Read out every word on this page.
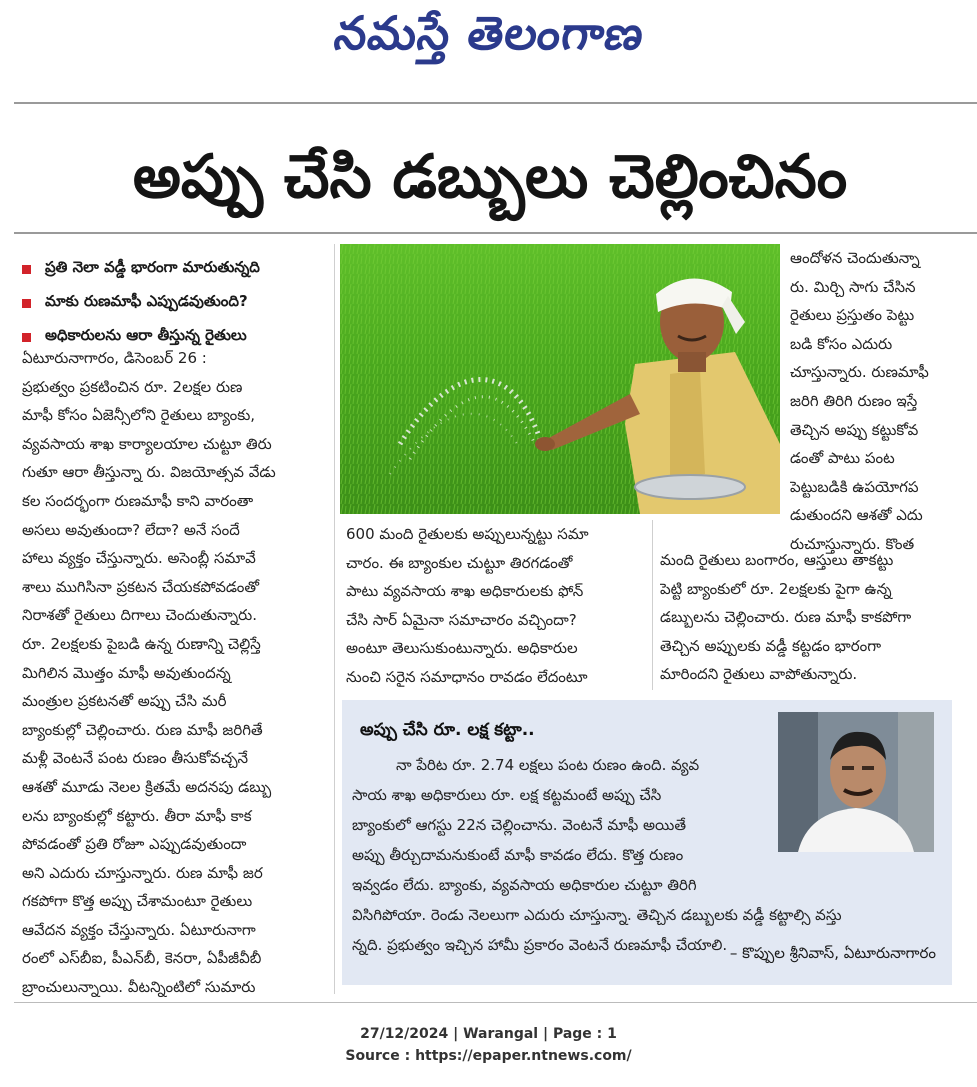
నమస్తే తెలంగాణ
అప్పు చేసి డబ్బులు చెల్లించినం
ప్రతి నెలా వడ్డీ భారంగా మారుతున్నది
మాకు రుణమాఫీ ఎప్పుడవుతుంది?
అధికారులను ఆరా తీస్తున్న రైతులు
ఏటూరునాగారం, డిసెంబర్ 26 :
ప్రభుత్వం ప్రకటించిన రూ. 2లక్షల రుణ
మాఫీ కోసం ఏజెన్సీలోని రైతులు బ్యాంకు,
వ్యవసాయ శాఖ కార్యాలయాల చుట్టూ తిరు
గుతూ ఆరా తీస్తున్నా రు. విజయోత్సవ వేడు
కల సందర్భంగా రుణమాఫీ కాని వారంతా
అసలు అవుతుందా? లేదా? అనే సందే
హాలు వ్యక్తం చేస్తున్నారు. అసెంబ్లీ సమావే
శాలు ముగిసినా ప్రకటన చేయకపోవడంతో
నిరాశతో రైతులు దిగాలు చెందుతున్నారు.
రూ. 2లక్షలకు పైబడి ఉన్న రుణాన్ని చెల్లిస్తే
మిగిలిన మొత్తం మాఫీ అవుతుందన్న
మంత్రుల ప్రకటనతో అప్పు చేసి మరీ
బ్యాంకుల్లో చెల్లించారు. రుణ మాఫీ జరిగితే
మళ్లీ వెంటనే పంట రుణం తీసుకోవచ్చనే
ఆశతో మూడు నెలల క్రితమే అదనపు డబ్బు
లను బ్యాంకుల్లో కట్టారు. తీరా మాఫీ కాక
పోవడంతో ప్రతి రోజూ ఎప్పుడవుతుందా
అని ఎదురు చూస్తున్నారు. రుణ మాఫీ జర
గకపోగా కొత్త అప్పు చేశామంటూ రైతులు
ఆవేదన వ్యక్తం చేస్తున్నారు. ఏటూరునాగా
రంలో ఎస్‌బీఐ, పీఎన్‌బీ, కెనరా, ఏపీజీవీబీ
బ్రాంచులున్నాయి. వీటన్నింటిలో సుమారు
600 మంది రైతులకు అప్పులున్నట్టు సమా
చారం. ఈ బ్యాంకుల చుట్టూ తిరగడంతో
పాటు వ్యవసాయ శాఖ అధికారులకు ఫోన్
చేసి సార్ ఏమైనా సమాచారం వచ్చిందా?
అంటూ తెలుసుకుంటున్నారు. అధికారుల
నుంచి సరైన సమాధానం రావడం లేదంటూ
ఆందోళన చెందుతున్నా
రు. మిర్చి సాగు చేసిన
రైతులు ప్రస్తుతం పెట్టు
బడి కోసం ఎదురు
చూస్తున్నారు. రుణమాఫీ
జరిగి తిరిగి రుణం ఇస్తే
తెచ్చిన అప్పు కట్టుకోవ
డంతో పాటు పంట
పెట్టుబడికి ఉపయోగప
డుతుందని ఆశతో ఎదు
రుచూస్తున్నారు. కొంత
మంది రైతులు బంగారం, ఆస్తులు తాకట్టు
పెట్టి బ్యాంకులో రూ. 2లక్షలకు పైగా ఉన్న
డబ్బులను చెల్లించారు. రుణ మాఫీ కాకపోగా
తెచ్చిన అప్పులకు వడ్డీ కట్టడం భారంగా
మారిందని రైతులు వాపోతున్నారు.
అప్పు చేసి రూ. లక్ష కట్టా..
నా పేరిట రూ. 2.74 లక్షలు పంట రుణం ఉంది. వ్యవ
సాయ శాఖ అధికారులు రూ. లక్ష కట్టమంటే అప్పు చేసి
బ్యాంకులో ఆగస్టు 22న చెల్లించాను. వెంటనే మాఫీ అయితే
అప్పు తీర్చుదామనుకుంటే మాఫీ కావడం లేదు. కొత్త రుణం
ఇవ్వడం లేదు. బ్యాంకు, వ్యవసాయ అధికారుల చుట్టూ తిరిగి
విసిగిపోయా. రెండు నెలలుగా ఎదురు చూస్తున్నా. తెచ్చిన డబ్బులకు వడ్డీ కట్టాల్సి వస్తు
న్నది. ప్రభుత్వం ఇచ్చిన హామీ ప్రకారం వెంటనే రుణమాఫీ చేయాలి. – కొప్పుల శ్రీనివాస్, ఏటూరునాగారం
27/12/2024 | Warangal | Page : 1
Source : https://epaper.ntnews.com/
